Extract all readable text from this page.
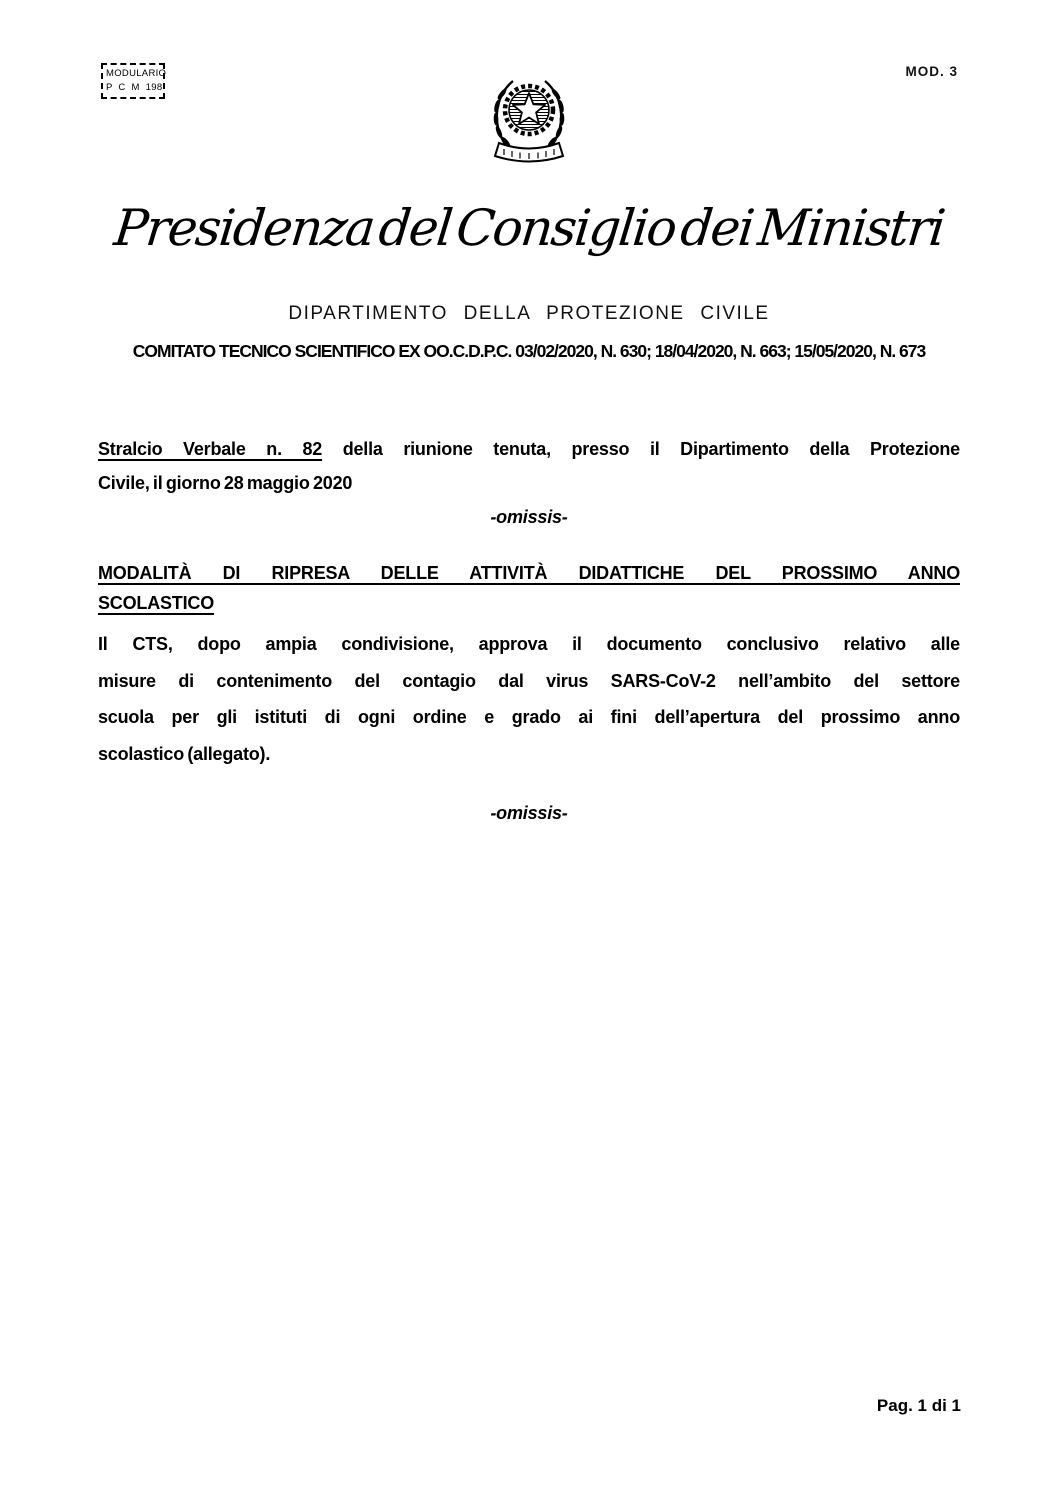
MODULARIO
P C M 198
MOD. 3
Presidenza del Consiglio dei Ministri
DIPARTIMENTO DELLA PROTEZIONE CIVILE
COMITATO TECNICO SCIENTIFICO EX OO.C.D.P.C. 03/02/2020, N. 630; 18/04/2020, N. 663; 15/05/2020, N. 673
Stralcio Verbale n. 82 della riunione tenuta, presso il Dipartimento della Protezione
Civile, il giorno 28 maggio 2020
-omissis-
MODALITÀ DI RIPRESA DELLE ATTIVITÀ DIDATTICHE DEL PROSSIMO ANNO
SCOLASTICO
Il CTS, dopo ampia condivisione, approva il documento conclusivo relativo alle
misure di contenimento del contagio dal virus SARS-CoV-2 nell’ambito del settore
scuola per gli istituti di ogni ordine e grado ai fini dell’apertura del prossimo anno
scolastico (allegato).
-omissis-
Pag. 1 di 1
